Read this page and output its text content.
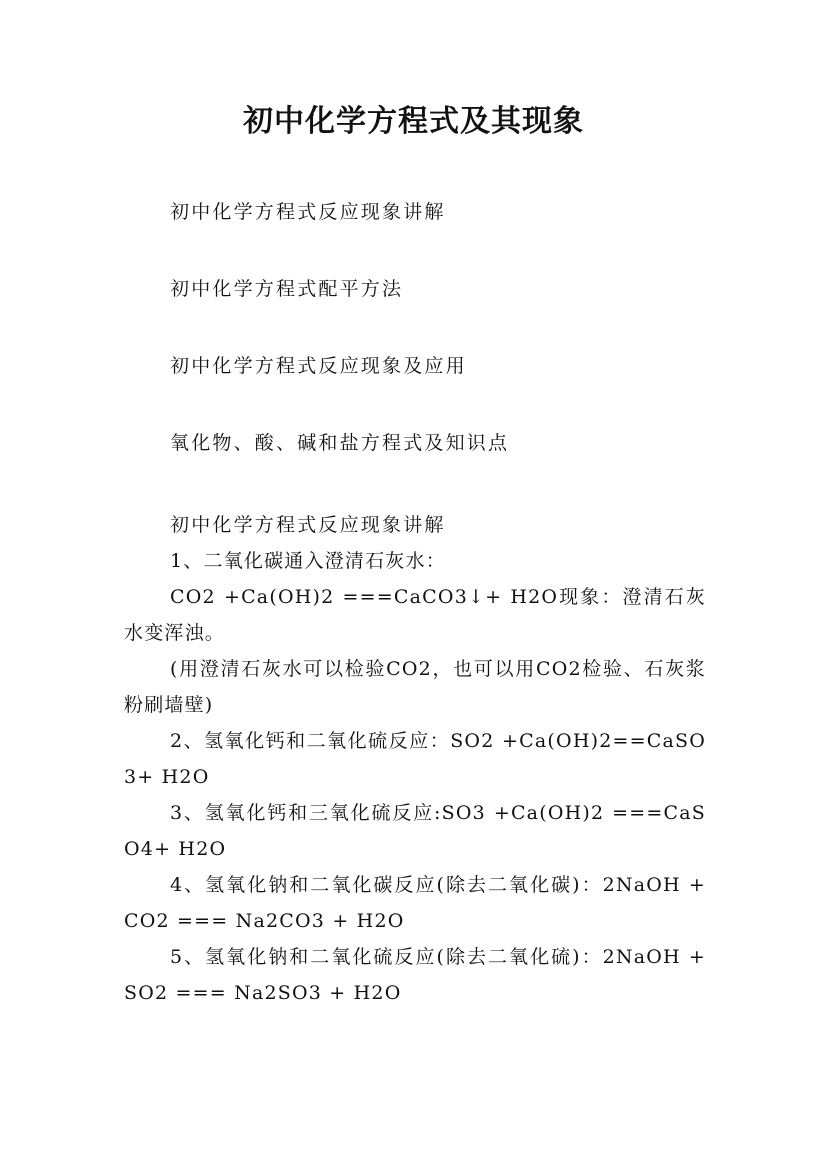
初中化学方程式及其现象

初中化学方程式反应现象讲解

初中化学方程式配平方法

初中化学方程式反应现象及应用

氧化物、酸、碱和盐方程式及知识点

初中化学方程式反应现象讲解

1、二氧化碳通入澄清石灰水：

CO2 +Ca(OH)2 ===CaCO3↓+ H2O现象：澄清石灰水变浑浊。

(用澄清石灰水可以检验CO2，也可以用CO2检验、石灰浆粉刷墙壁)

2、氢氧化钙和二氧化硫反应：SO2 +Ca(OH)2==CaSO3+ H2O

3、氢氧化钙和三氧化硫反应:SO3 +Ca(OH)2 ===CaSO4+ H2O

4、氢氧化钠和二氧化碳反应(除去二氧化碳)：2NaOH + CO2 === Na2CO3 + H2O

5、氢氧化钠和二氧化硫反应(除去二氧化硫)：2NaOH + SO2 === Na2SO3 + H2O
